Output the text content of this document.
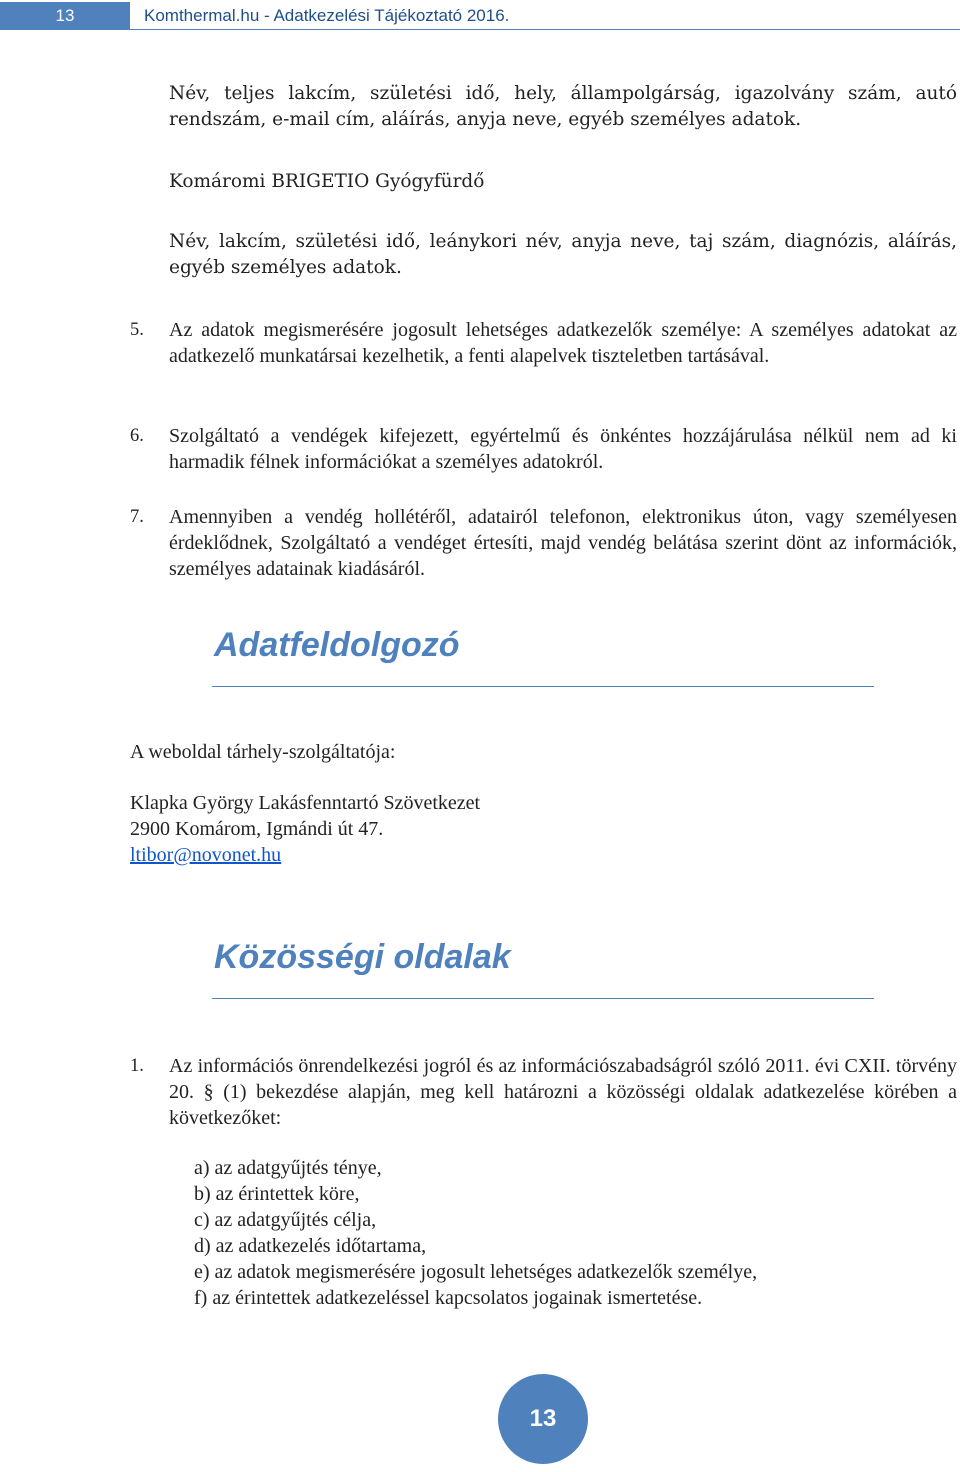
13	Komthermal.hu - Adatkezelési Tájékoztató 2016.

Név, teljes lakcím, születési idő, hely, állampolgárság, igazolvány szám, autó rendszám, e-mail cím, aláírás, anyja neve, egyéb személyes adatok.

Komáromi BRIGETIO Gyógyfürdő

Név, lakcím, születési idő, leánykori név, anyja neve, taj szám, diagnózis, aláírás, egyéb személyes adatok.

5. Az adatok megismerésére jogosult lehetséges adatkezelők személye: A személyes adatokat az adatkezelő munkatársai kezelhetik, a fenti alapelvek tiszteletben tartásával.

6. Szolgáltató a vendégek kifejezett, egyértelmű és önkéntes hozzájárulása nélkül nem ad ki harmadik félnek információkat a személyes adatokról.

7. Amennyiben a vendég hollétéről, adatairól telefonon, elektronikus úton, vagy személyesen érdeklődnek, Szolgáltató a vendéget értesíti, majd vendég belátása szerint dönt az információk, személyes adatainak kiadásáról.

Adatfeldolgozó

A weboldal tárhely-szolgáltatója:

Klapka György Lakásfenntartó Szövetkezet

2900 Komárom, Igmándi út 47.

ltibor@novonet.hu

Közösségi oldalak

1. Az információs önrendelkezési jogról és az információszabadságról szóló 2011. évi CXII. törvény 20. § (1) bekezdése alapján, meg kell határozni a közösségi oldalak adatkezelése körében a következőket:

a) az adatgyűjtés ténye,

b) az érintettek köre,

c) az adatgyűjtés célja,

d) az adatkezelés időtartama,

e) az adatok megismerésére jogosult lehetséges adatkezelők személye,

f) az érintettek adatkezeléssel kapcsolatos jogainak ismertetése.

13
